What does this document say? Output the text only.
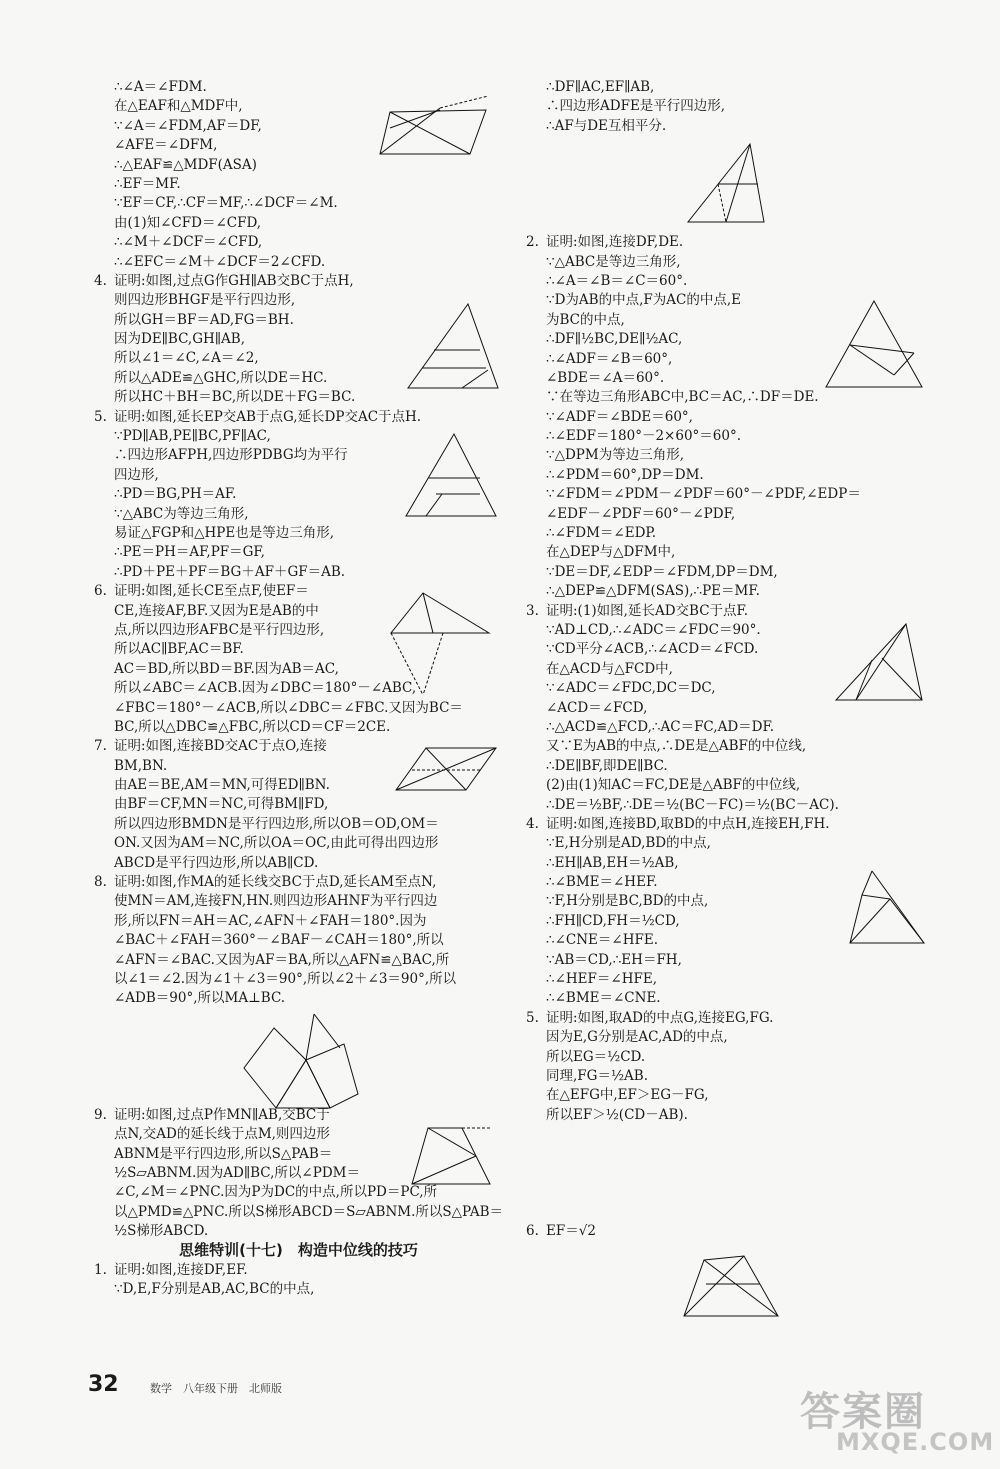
∴∠A＝∠FDM.
在△EAF和△MDF中,
∵∠A＝∠FDM,AF＝DF,
∠AFE＝∠DFM,
∴△EAF≌△MDF(ASA)
∴EF＝MF.
∵EF＝CF,∴CF＝MF,∴∠DCF＝∠M.
由(1)知∠CFD＝∠CFD,
∴∠M＋∠DCF＝∠CFD,
∴∠EFC＝∠M＋∠DCF＝2∠CFD.
4. 证明:如图,过点G作GH∥AB交BC于点H,
则四边形BHGF是平行四边形,
所以GH＝BF＝AD,FG＝BH.
因为DE∥BC,GH∥AB,
所以∠1＝∠C,∠A＝∠2,
所以△ADE≌△GHC,所以DE＝HC.
所以HC＋BH＝BC,所以DE＋FG＝BC.
5. 证明:如图,延长EP交AB于点G,延长DP交AC于点H.
∵PD∥AB,PE∥BC,PF∥AC,
∴四边形AFPH,四边形PDBG均为平行
四边形,
∴PD＝BG,PH＝AF.
∵△ABC为等边三角形,
易证△FGP和△HPE也是等边三角形,
∴PE＝PH＝AF,PF＝GF,
∴PD＋PE＋PF＝BG＋AF＋GF＝AB.
6. 证明:如图,延长CE至点F,使EF＝
CE,连接AF,BF.又因为E是AB的中
点,所以四边形AFBC是平行四边形,
所以AC∥BF,AC＝BF.
AC＝BD,所以BD＝BF.因为AB＝AC,
所以∠ABC＝∠ACB.因为∠DBC＝180°－∠ABC,
∠FBC＝180°－∠ACB,所以∠DBC＝∠FBC.又因为BC＝
BC,所以△DBC≌△FBC,所以CD＝CF＝2CE.
7. 证明:如图,连接BD交AC于点O,连接
BM,BN.
由AE＝BE,AM＝MN,可得ED∥BN.
由BF＝CF,MN＝NC,可得BM∥FD,
所以四边形BMDN是平行四边形,所以OB＝OD,OM＝
ON.又因为AM＝NC,所以OA＝OC,由此可得出四边形
ABCD是平行四边形,所以AB∥CD.
8. 证明:如图,作MA的延长线交BC于点D,延长AM至点N,
使MN＝AM,连接FN,HN.则四边形AHNF为平行四边
形,所以FN＝AH＝AC,∠AFN＋∠FAH＝180°.因为
∠BAC＋∠FAH＝360°－∠BAF－∠CAH＝180°,所以
∠AFN＝∠BAC.又因为AF＝BA,所以△AFN≌△BAC,所
以∠1＝∠2.因为∠1＋∠3＝90°,所以∠2＋∠3＝90°,所以
∠ADB＝90°,所以MA⊥BC.
9. 证明:如图,过点P作MN∥AB,交BC于
点N,交AD的延长线于点M,则四边形
ABNM是平行四边形,所以S△PAB＝
½S▱ABNM.因为AD∥BC,所以∠PDM＝
∠C,∠M＝∠PNC.因为P为DC的中点,所以PD＝PC,所
以△PMD≌△PNC.所以S梯形ABCD＝S▱ABNM.所以S△PAB＝
½S梯形ABCD.
思维特训(十七)　构造中位线的技巧
1. 证明:如图,连接DF,EF.
∵D,E,F分别是AB,AC,BC的中点,
∴DF∥AC,EF∥AB,
∴四边形ADFE是平行四边形,
∴AF与DE互相平分.
2. 证明:如图,连接DF,DE.
∵△ABC是等边三角形,
∴∠A＝∠B＝∠C＝60°.
∵D为AB的中点,F为AC的中点,E
为BC的中点,
∴DF∥½BC,DE∥½AC,
∴∠ADF＝∠B＝60°,
∠BDE＝∠A＝60°.
∵在等边三角形ABC中,BC＝AC,∴DF＝DE.
∵∠ADF＝∠BDE＝60°,
∴∠EDF＝180°－2×60°＝60°.
∵△DPM为等边三角形,
∴∠PDM＝60°,DP＝DM.
∵∠FDM＝∠PDM－∠PDF＝60°－∠PDF,∠EDP＝
∠EDF－∠PDF＝60°－∠PDF,
∴∠FDM＝∠EDP.
在△DEP与△DFM中,
∵DE＝DF,∠EDP＝∠FDM,DP＝DM,
∴△DEP≌△DFM(SAS),∴PE＝MF.
3. 证明:(1)如图,延长AD交BC于点F.
∵AD⊥CD,∴∠ADC＝∠FDC＝90°.
∵CD平分∠ACB,∴∠ACD＝∠FCD.
在△ACD与△FCD中,
∵∠ADC＝∠FDC,DC＝DC,
∠ACD＝∠FCD,
∴△ACD≌△FCD,∴AC＝FC,AD＝DF.
又∵E为AB的中点,∴DE是△ABF的中位线,
∴DE∥BF,即DE∥BC.
(2)由(1)知AC＝FC,DE是△ABF的中位线,
∴DE＝½BF,∴DE＝½(BC－FC)＝½(BC－AC).
4. 证明:如图,连接BD,取BD的中点H,连接EH,FH.
∵E,H分别是AD,BD的中点,
∴EH∥AB,EH＝½AB,
∴∠BME＝∠HEF.
∵F,H分别是BC,BD的中点,
∴FH∥CD,FH＝½CD,
∴∠CNE＝∠HFE.
∵AB＝CD,∴EH＝FH,
∴∠HEF＝∠HFE,
∴∠BME＝∠CNE.
5. 证明:如图,取AD的中点G,连接EG,FG.
因为E,G分别是AC,AD的中点,
所以EG＝½CD.
同理,FG＝½AB.
在△EFG中,EF＞EG－FG,
所以EF＞½(CD－AB).
6. EF＝√2
32	数学　八年级下册　北师版
答案圈
MXQE.COM
